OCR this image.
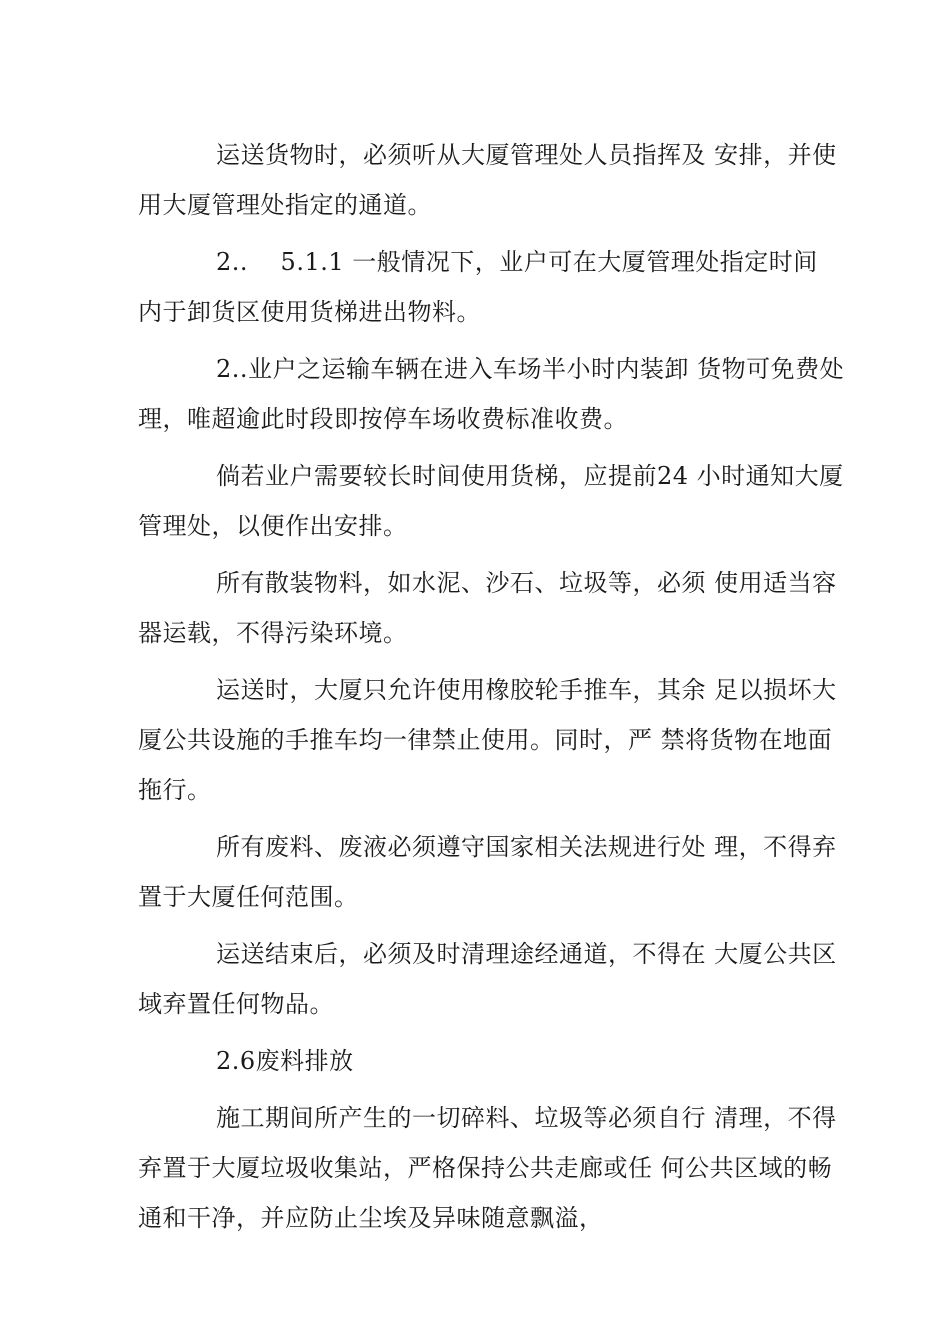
运送货物时，必须听从大厦管理处人员指挥及 安排，并使
用大厦管理处指定的通道。

2..    5.1.1 一般情况下，业户可在大厦管理处指定时间
内于卸货区使用货梯进出物料。

2..业户之运输车辆在进入车场半小时内装卸 货物可免费处
理，唯超逾此时段即按停车场收费标准收费。

倘若业户需要较长时间使用货梯，应提前24 小时通知大厦
管理处，以便作出安排。

所有散装物料，如水泥、沙石、垃圾等，必须 使用适当容
器运载，不得污染环境。

运送时，大厦只允许使用橡胶轮手推车，其余 足以损坏大
厦公共设施的手推车均一律禁止使用。同时，严 禁将货物在地面
拖行。

所有废料、废液必须遵守国家相关法规进行处 理，不得弃
置于大厦任何范围。

运送结束后，必须及时清理途经通道，不得在 大厦公共区
域弃置任何物品。

2.6废料排放

施工期间所产生的一切碎料、垃圾等必须自行 清理，不得
弃置于大厦垃圾收集站，严格保持公共走廊或任 何公共区域的畅
通和干净，并应防止尘埃及异味随意飘溢，
